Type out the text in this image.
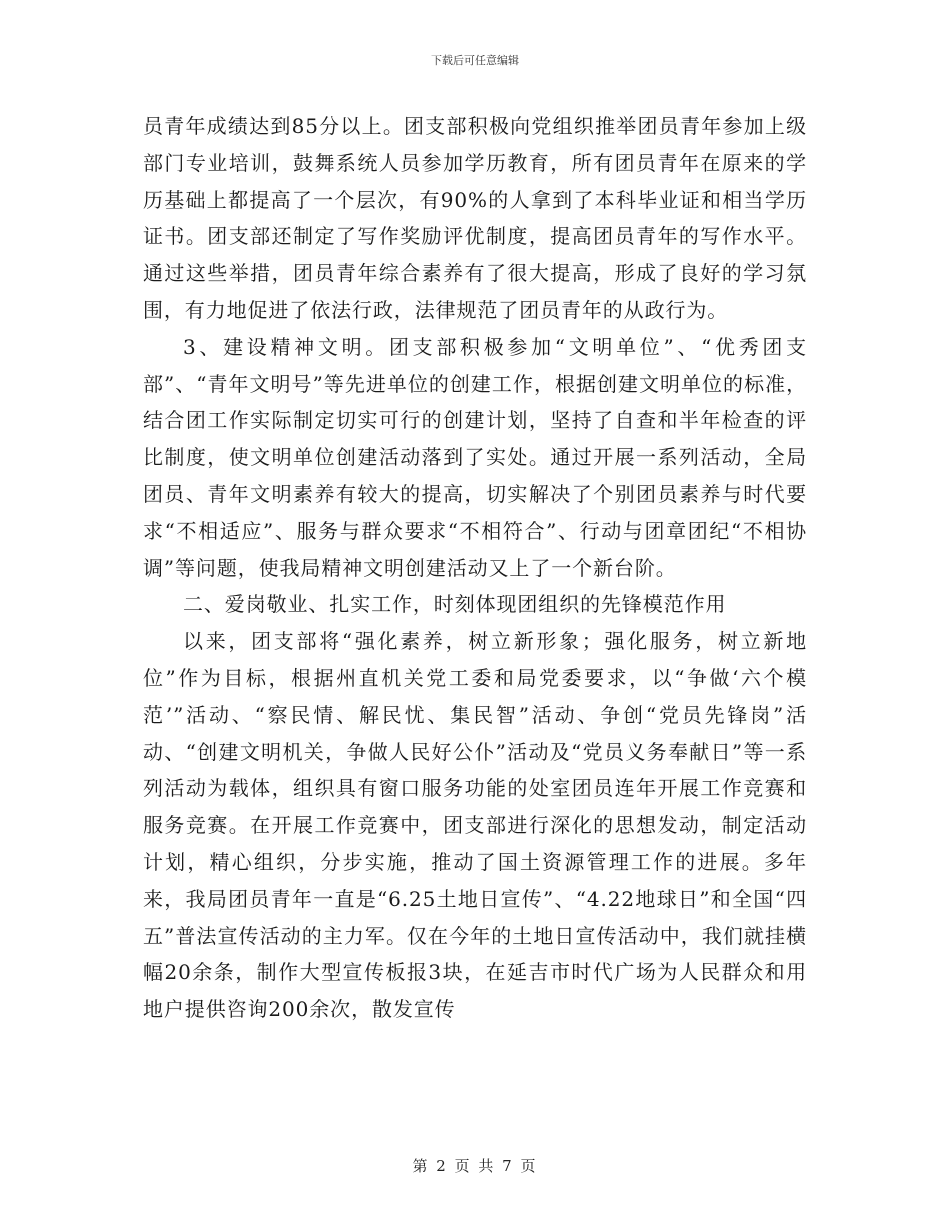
下载后可任意编辑

员青年成绩达到85分以上。团支部积极向党组织推举团员青年参加上级部门专业培训，鼓舞系统人员参加学历教育，所有团员青年在原来的学历基础上都提高了一个层次，有90%的人拿到了本科毕业证和相当学历证书。团支部还制定了写作奖励评优制度，提高团员青年的写作水平。通过这些举措，团员青年综合素养有了很大提高，形成了良好的学习氛围，有力地促进了依法行政，法律规范了团员青年的从政行为。

3、建设精神文明。团支部积极参加“文明单位”、“优秀团支部”、“青年文明号”等先进单位的创建工作，根据创建文明单位的标准，结合团工作实际制定切实可行的创建计划，坚持了自查和半年检查的评比制度，使文明单位创建活动落到了实处。通过开展一系列活动，全局团员、青年文明素养有较大的提高，切实解决了个别团员素养与时代要求“不相适应”、服务与群众要求“不相符合”、行动与团章团纪“不相协调”等问题，使我局精神文明创建活动又上了一个新台阶。

二、爱岗敬业、扎实工作，时刻体现团组织的先锋模范作用

以来，团支部将“强化素养，树立新形象；强化服务，树立新地位”作为目标，根据州直机关党工委和局党委要求，以“争做‘六个模范’”活动、“察民情、解民忧、集民智”活动、争创“党员先锋岗”活动、“创建文明机关，争做人民好公仆”活动及“党员义务奉献日”等一系列活动为载体，组织具有窗口服务功能的处室团员连年开展工作竞赛和服务竞赛。在开展工作竞赛中，团支部进行深化的思想发动，制定活动计划，精心组织，分步实施，推动了国土资源管理工作的进展。多年来，我局团员青年一直是“6.25土地日宣传”、“4.22地球日”和全国“四五”普法宣传活动的主力军。仅在今年的土地日宣传活动中，我们就挂横幅20余条，制作大型宣传板报3块，在延吉市时代广场为人民群众和用地户提供咨询200余次，散发宣传

第 2 页 共 7 页
